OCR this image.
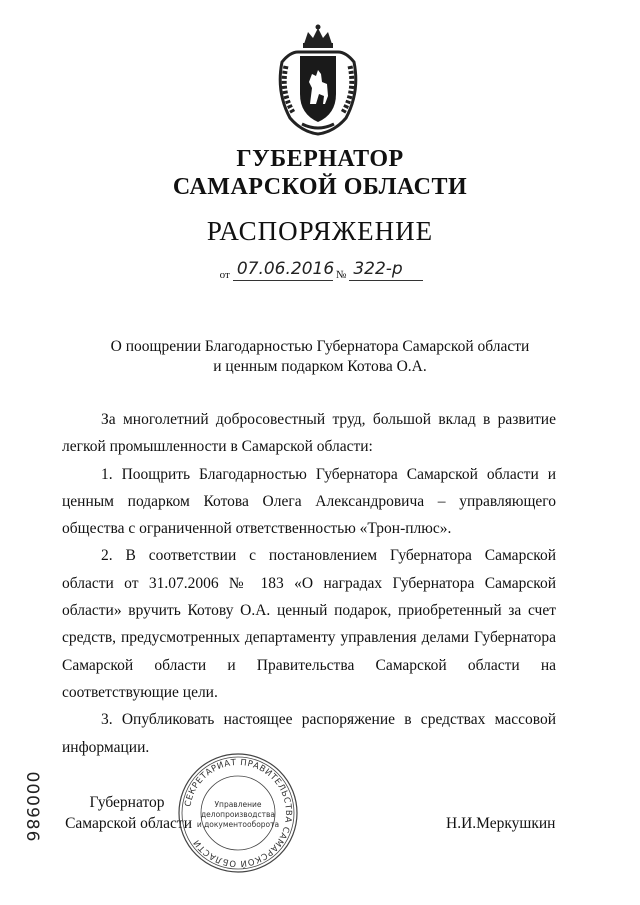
ГУБЕРНАТОР
САМАРСКОЙ ОБЛАСТИ
РАСПОРЯЖЕНИЕ
от 07.06.2016 № 322-р
О поощрении Благодарностью Губернатора Самарской области
и ценным подарком Котова О.А.

За многолетний добросовестный труд, большой вклад в развитие легкой промышленности в Самарской области:

1. Поощрить Благодарностью Губернатора Самарской области и ценным подарком Котова Олега Александровича – управляющего общества с ограниченной ответственностью «Трон-плюс».

2. В соответствии с постановлением Губернатора Самарской области от 31.07.2006 № 183 «О наградах Губернатора Самарской области» вручить Котову О.А. ценный подарок, приобретенный за счет средств, предусмотренных департаменту управления делами Губернатора Самарской области и Правительства Самарской области на соответствующие цели.

3. Опубликовать настоящее распоряжение в средствах массовой информации.

Губернатор
Самарской области	Н.И.Меркушкин
СЕКРЕТАРИАТ ПРАВИТЕЛЬСТВА САМАРСКОЙ ОБЛАСТИ
Управление
делопроизводства
и документооборота
000986
